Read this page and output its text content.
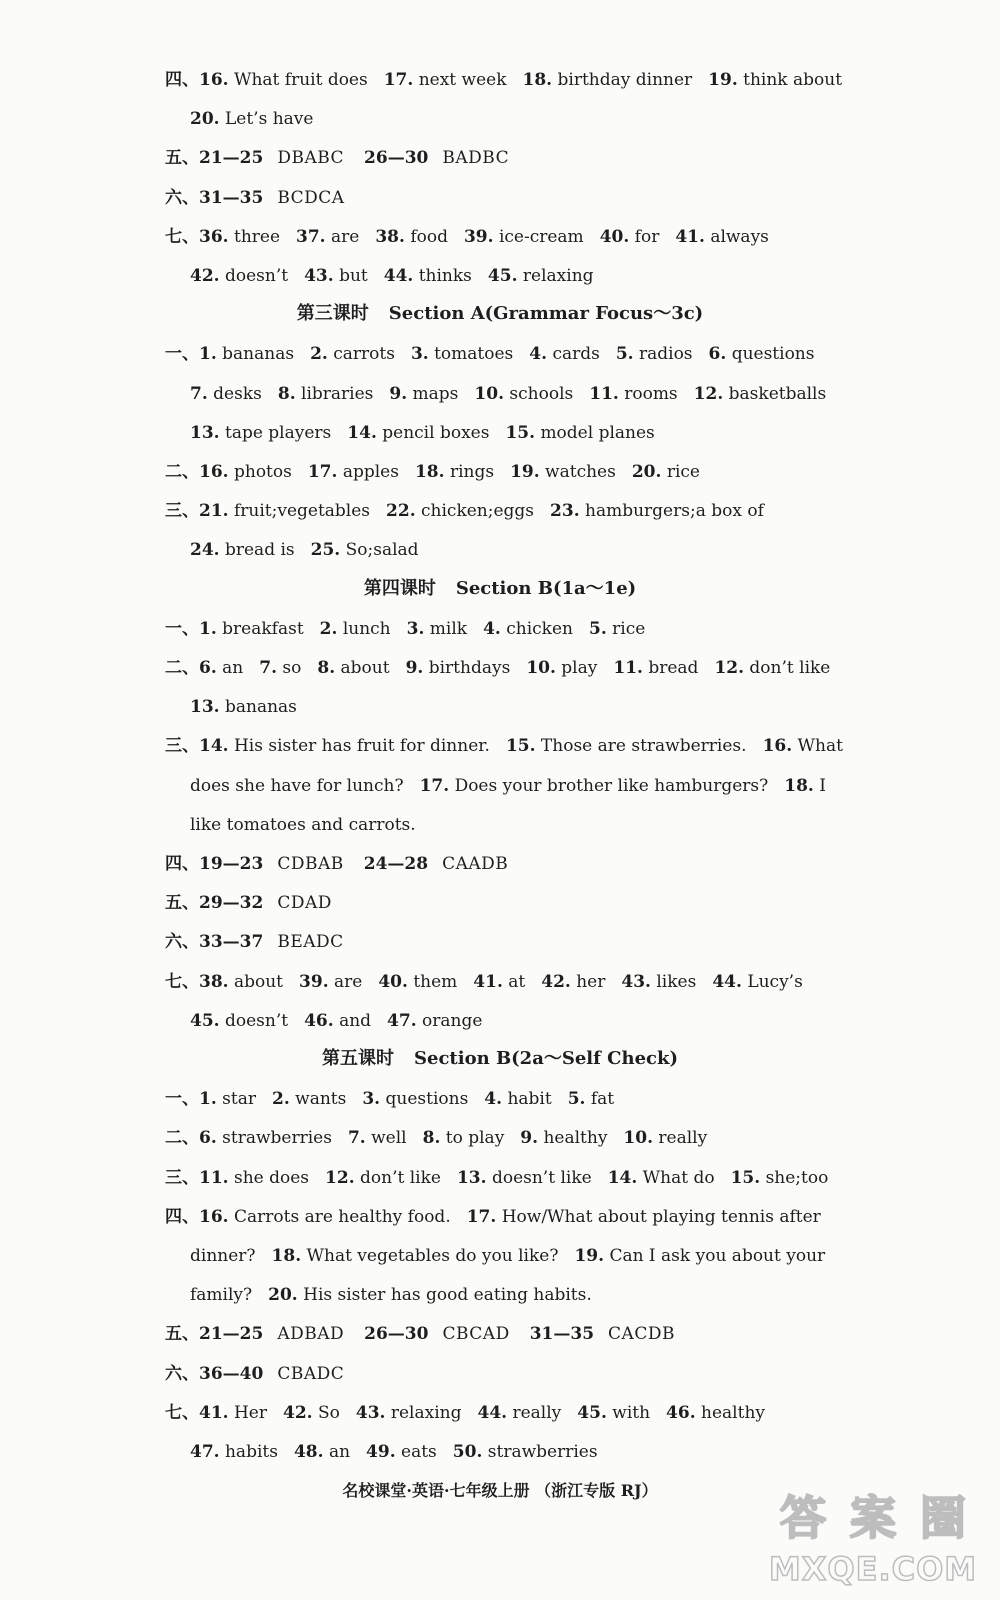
四、16. What fruit does 17. next week 18. birthday dinner 19. think about
20. Let’s have
五、21—25 DBABC 26—30 BADBC
六、31—35 BCDCA
七、36. three 37. are 38. food 39. ice-cream 40. for 41. always
42. doesn’t 43. but 44. thinks 45. relaxing
第三课时 Section A(Grammar Focus～3c)
一、1. bananas 2. carrots 3. tomatoes 4. cards 5. radios 6. questions
7. desks 8. libraries 9. maps 10. schools 11. rooms 12. basketballs
13. tape players 14. pencil boxes 15. model planes
二、16. photos 17. apples 18. rings 19. watches 20. rice
三、21. fruit;vegetables 22. chicken;eggs 23. hamburgers;a box of
24. bread is 25. So;salad
第四课时 Section B(1a～1e)
一、1. breakfast 2. lunch 3. milk 4. chicken 5. rice
二、6. an 7. so 8. about 9. birthdays 10. play 11. bread 12. don’t like
13. bananas
三、14. His sister has fruit for dinner. 15. Those are strawberries. 16. What
does she have for lunch? 17. Does your brother like hamburgers? 18. I
like tomatoes and carrots.
四、19—23 CDBAB 24—28 CAADB
五、29—32 CDAD
六、33—37 BEADC
七、38. about 39. are 40. them 41. at 42. her 43. likes 44. Lucy’s
45. doesn’t 46. and 47. orange
第五课时 Section B(2a～Self Check)
一、1. star 2. wants 3. questions 4. habit 5. fat
二、6. strawberries 7. well 8. to play 9. healthy 10. really
三、11. she does 12. don’t like 13. doesn’t like 14. What do 15. she;too
四、16. Carrots are healthy food. 17. How/What about playing tennis after
dinner? 18. What vegetables do you like? 19. Can I ask you about your
family? 20. His sister has good eating habits.
五、21—25 ADBAD 26—30 CBCAD 31—35 CACDB
六、36—40 CBADC
七、41. Her 42. So 43. relaxing 44. really 45. with 46. healthy
47. habits 48. an 49. eats 50. strawberries
名校课堂·英语·七年级上册 （浙江专版 RJ）
答 案 圈
MXQE.COM
